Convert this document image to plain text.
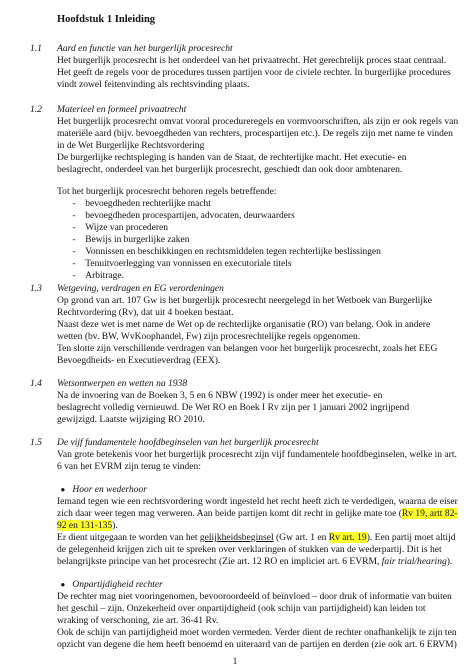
Hoofdstuk 1 Inleiding
1.1 Aard en functie van het burgerlijk procesrecht
Het burgerlijk procesrecht is het onderdeel van het privaatrecht. Het gerechtelijk proces staat centraal.
Het geeft de regels voor de procedures tussen partijen voor de civiele rechter. In burgerlijke procedures
vindt zowel feitenvinding als rechtsvinding plaats.
1.2 Materieel en formeel privaatrecht
Het burgerlijk procesrecht omvat vooral procedureregels en vormvoorschriften, als zijn er ook regels van
materiële aard (bijv. bevoegdheden van rechters, procespartijen etc.). De regels zijn met name te vinden
in de Wet Burgerlijke Rechtsvordering
De burgerlijke rechtspleging is handen van de Staat, de rechterlijke macht. Het executie- en
beslagrecht, onderdeel van het burgerlijk procesrecht, geschiedt dan ook door ambtenaren.
Tot het burgerlijk procesrecht behoren regels betreffende:
- bevoegdheden rechterlijke macht
- bevoegdheden procespartijen, advocaten, deurwaarders
- Wijze van procederen
- Bewijs in burgerlijke zaken
- Vonnissen en beschikkingen en rechtsmiddelen tegen rechterlijke beslissingen
- Tenuitvoerlegging van vonnissen en executoriale titels
- Arbitrage.
1.3 Wetgeving, verdragen en EG verordeningen
Op grond van art. 107 Gw is het burgerlijk procesrecht neergelegd in het Wetboek van Burgerlijke
Rechtvordering (Rv), dat uit 4 boeken bestaat.
Naast deze wet is met name de Wet op de rechterlijke organisatie (RO) van belang. Ook in andere
wetten (bv. BW, WvKoophandel, Fw) zijn procesrechtelijke regels opgenomen.
Ten slotte zijn verschillende verdragen van belangen voor het burgerlijk procesrecht, zoals het EEG
Bevoegdheids- en Executieverdrag (EEX).
1.4 Wetsontwerpen en wetten na 1938
Na de invoering van de Boeken 3, 5 en 6 NBW (1992) is onder meer het executie- en
beslagrecht volledig vernieuwd. De Wet RO en Boek I Rv zijn per 1 januari 2002 ingrijpend
gewijzigd. Laatste wijziging RO 2010.
1.5 De vijf fundamentele hoofdbeginselen van het burgerlijk procesrecht
Van grote betekenis voor het burgerlijk procesrecht zijn vijf fundamentele hoofdbeginselen, welke in art.
6 van het EVRM zijn terug te vinden:
● Hoor en wederhoor
Iemand tegen wie een rechtsvordering wordt ingesteld het recht heeft zich te verdedigen, waarna de eiser
zich daar weer tegen mag verweren. Aan beide partijen komt dit recht in gelijke mate toe (Rv 19, artt 82-
92 en 131-135).
Er dient uitgegaan te worden van het gelijkheidsbeginsel (Gw art. 1 en Rv art. 19). Een partij moet altijd
de gelegenheid krijgen zich uit te spreken over verklaringen of stukken van de wederpartij. Dit is het
belangrijkste principe van het procesrecht (Zie art. 12 RO en impliciet art. 6 EVRM, fair trial/hearing).
● Onpartijdigheid rechter
De rechter mag niet vooringenomen, bevooroordeeld of beïnvloed – door druk of informatie van buiten
het geschil – zijn. Onzekerheid over onpartijdigheid (ook schijn van partijdigheid) kan leiden tot
wraking of verschoning, zie art. 36-41 Rv.
Ook de schijn van partijdigheid moet worden vermeden. Verder dient de rechter onafhankelijk te zijn ten
opzicht van degene die hem heeft benoemd en uiteraard van de partijen en derden (zie ook art. 6 ERVM)
1
